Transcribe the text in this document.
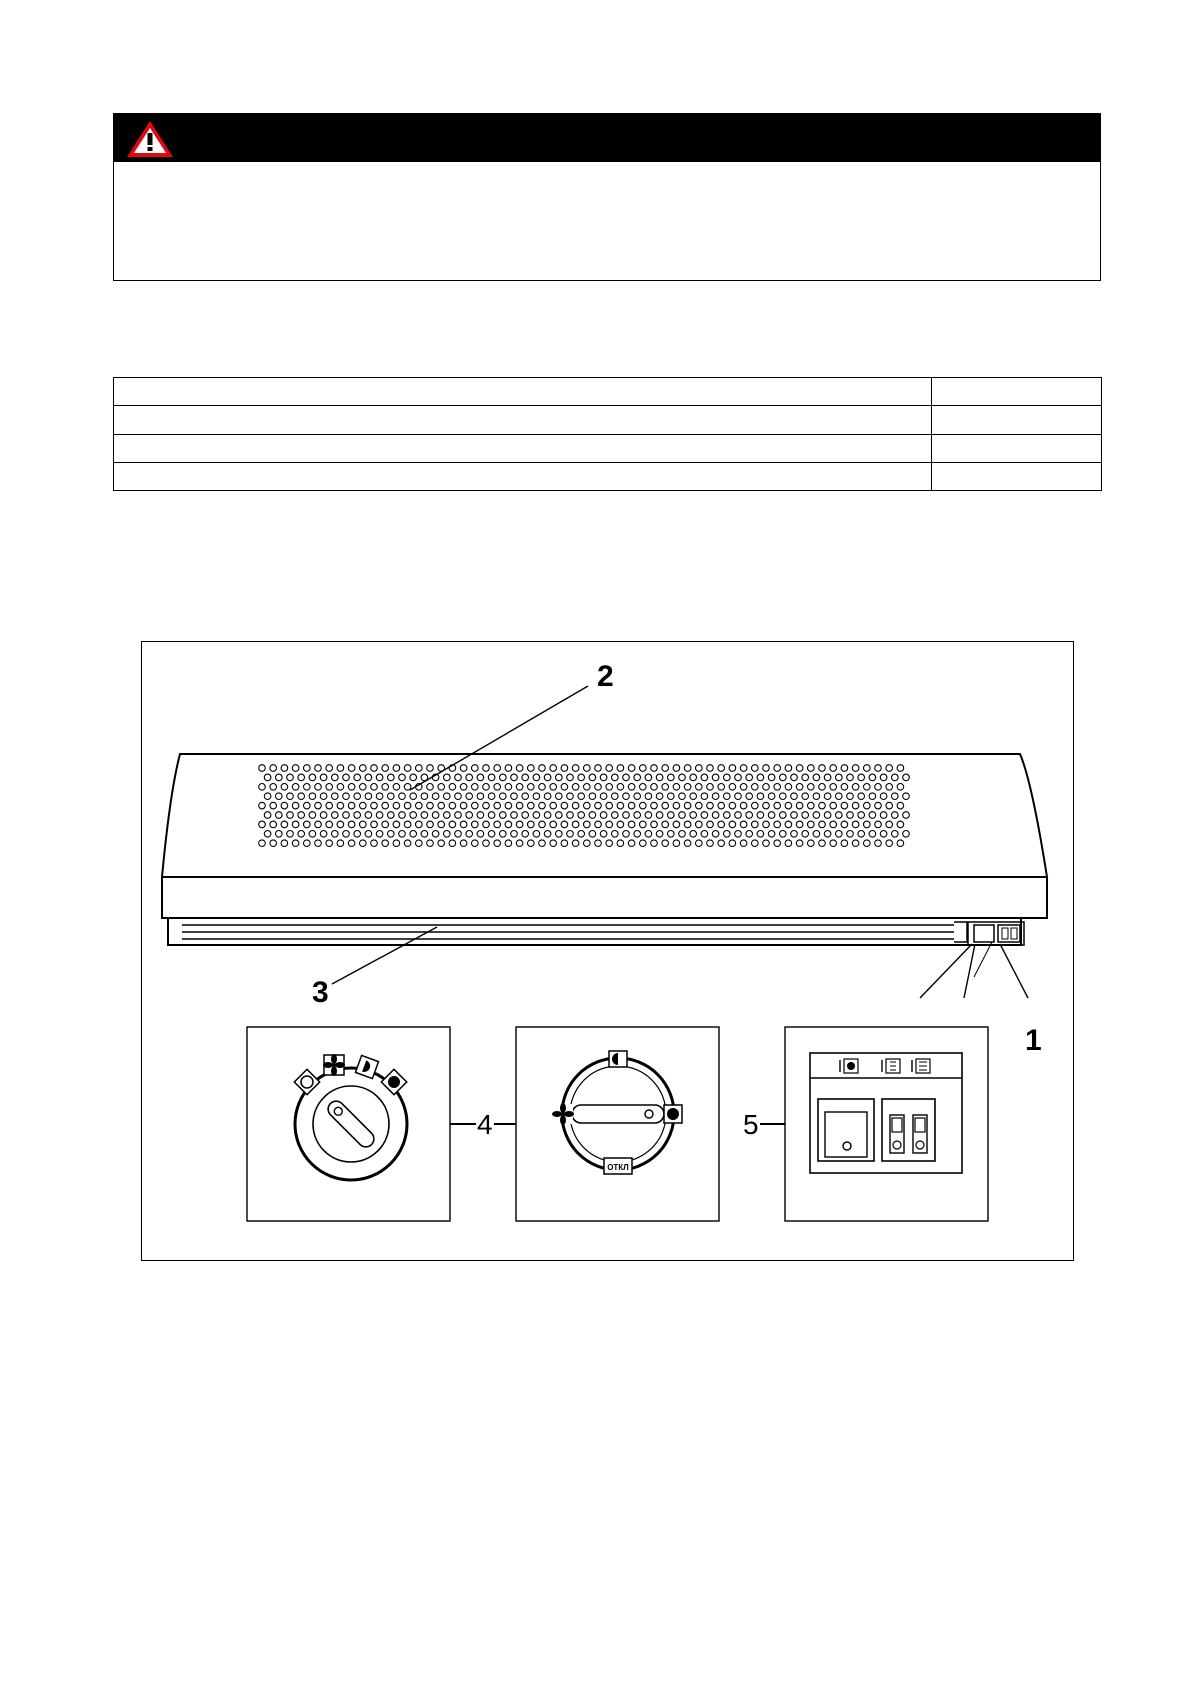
2
3
1
4
ОТКЛ
5
